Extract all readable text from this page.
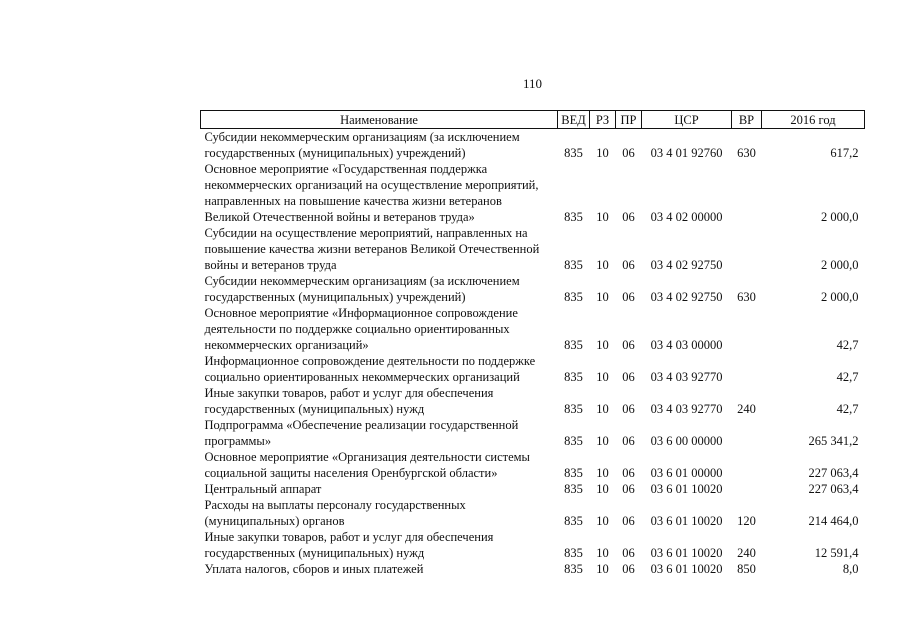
110
Наименование	ВЕД	РЗ	ПР	ЦСР	ВР	2016 год
Субсидии некоммерческим организациям (за исключением
государственных (муниципальных) учреждений)	835	10	06	03 4 01 92760	630	617,2
Основное мероприятие «Государственная поддержка
некоммерческих организаций на осуществление мероприятий,
направленных на повышение качества жизни ветеранов
Великой Отечественной войны и ветеранов труда»	835	10	06	03 4 02 00000		2 000,0
Субсидии на осуществление мероприятий, направленных на
повышение качества жизни ветеранов Великой Отечественной
войны и ветеранов труда	835	10	06	03 4 02 92750		2 000,0
Субсидии некоммерческим организациям (за исключением
государственных (муниципальных) учреждений)	835	10	06	03 4 02 92750	630	2 000,0
Основное мероприятие «Информационное сопровождение
деятельности по поддержке социально ориентированных
некоммерческих организаций»	835	10	06	03 4 03 00000		42,7
Информационное сопровождение деятельности по поддержке
социально ориентированных некоммерческих организаций	835	10	06	03 4 03 92770		42,7
Иные закупки товаров, работ и услуг для обеспечения
государственных (муниципальных) нужд	835	10	06	03 4 03 92770	240	42,7
Подпрограмма «Обеспечение реализации государственной
программы»	835	10	06	03 6 00 00000		265 341,2
Основное мероприятие «Организация деятельности системы
социальной защиты населения Оренбургской области»	835	10	06	03 6 01 00000		227 063,4
Центральный аппарат	835	10	06	03 6 01 10020		227 063,4
Расходы на выплаты персоналу государственных
(муниципальных) органов	835	10	06	03 6 01 10020	120	214 464,0
Иные закупки товаров, работ и услуг для обеспечения
государственных (муниципальных) нужд	835	10	06	03 6 01 10020	240	12 591,4
Уплата налогов, сборов и иных платежей	835	10	06	03 6 01 10020	850	8,0
